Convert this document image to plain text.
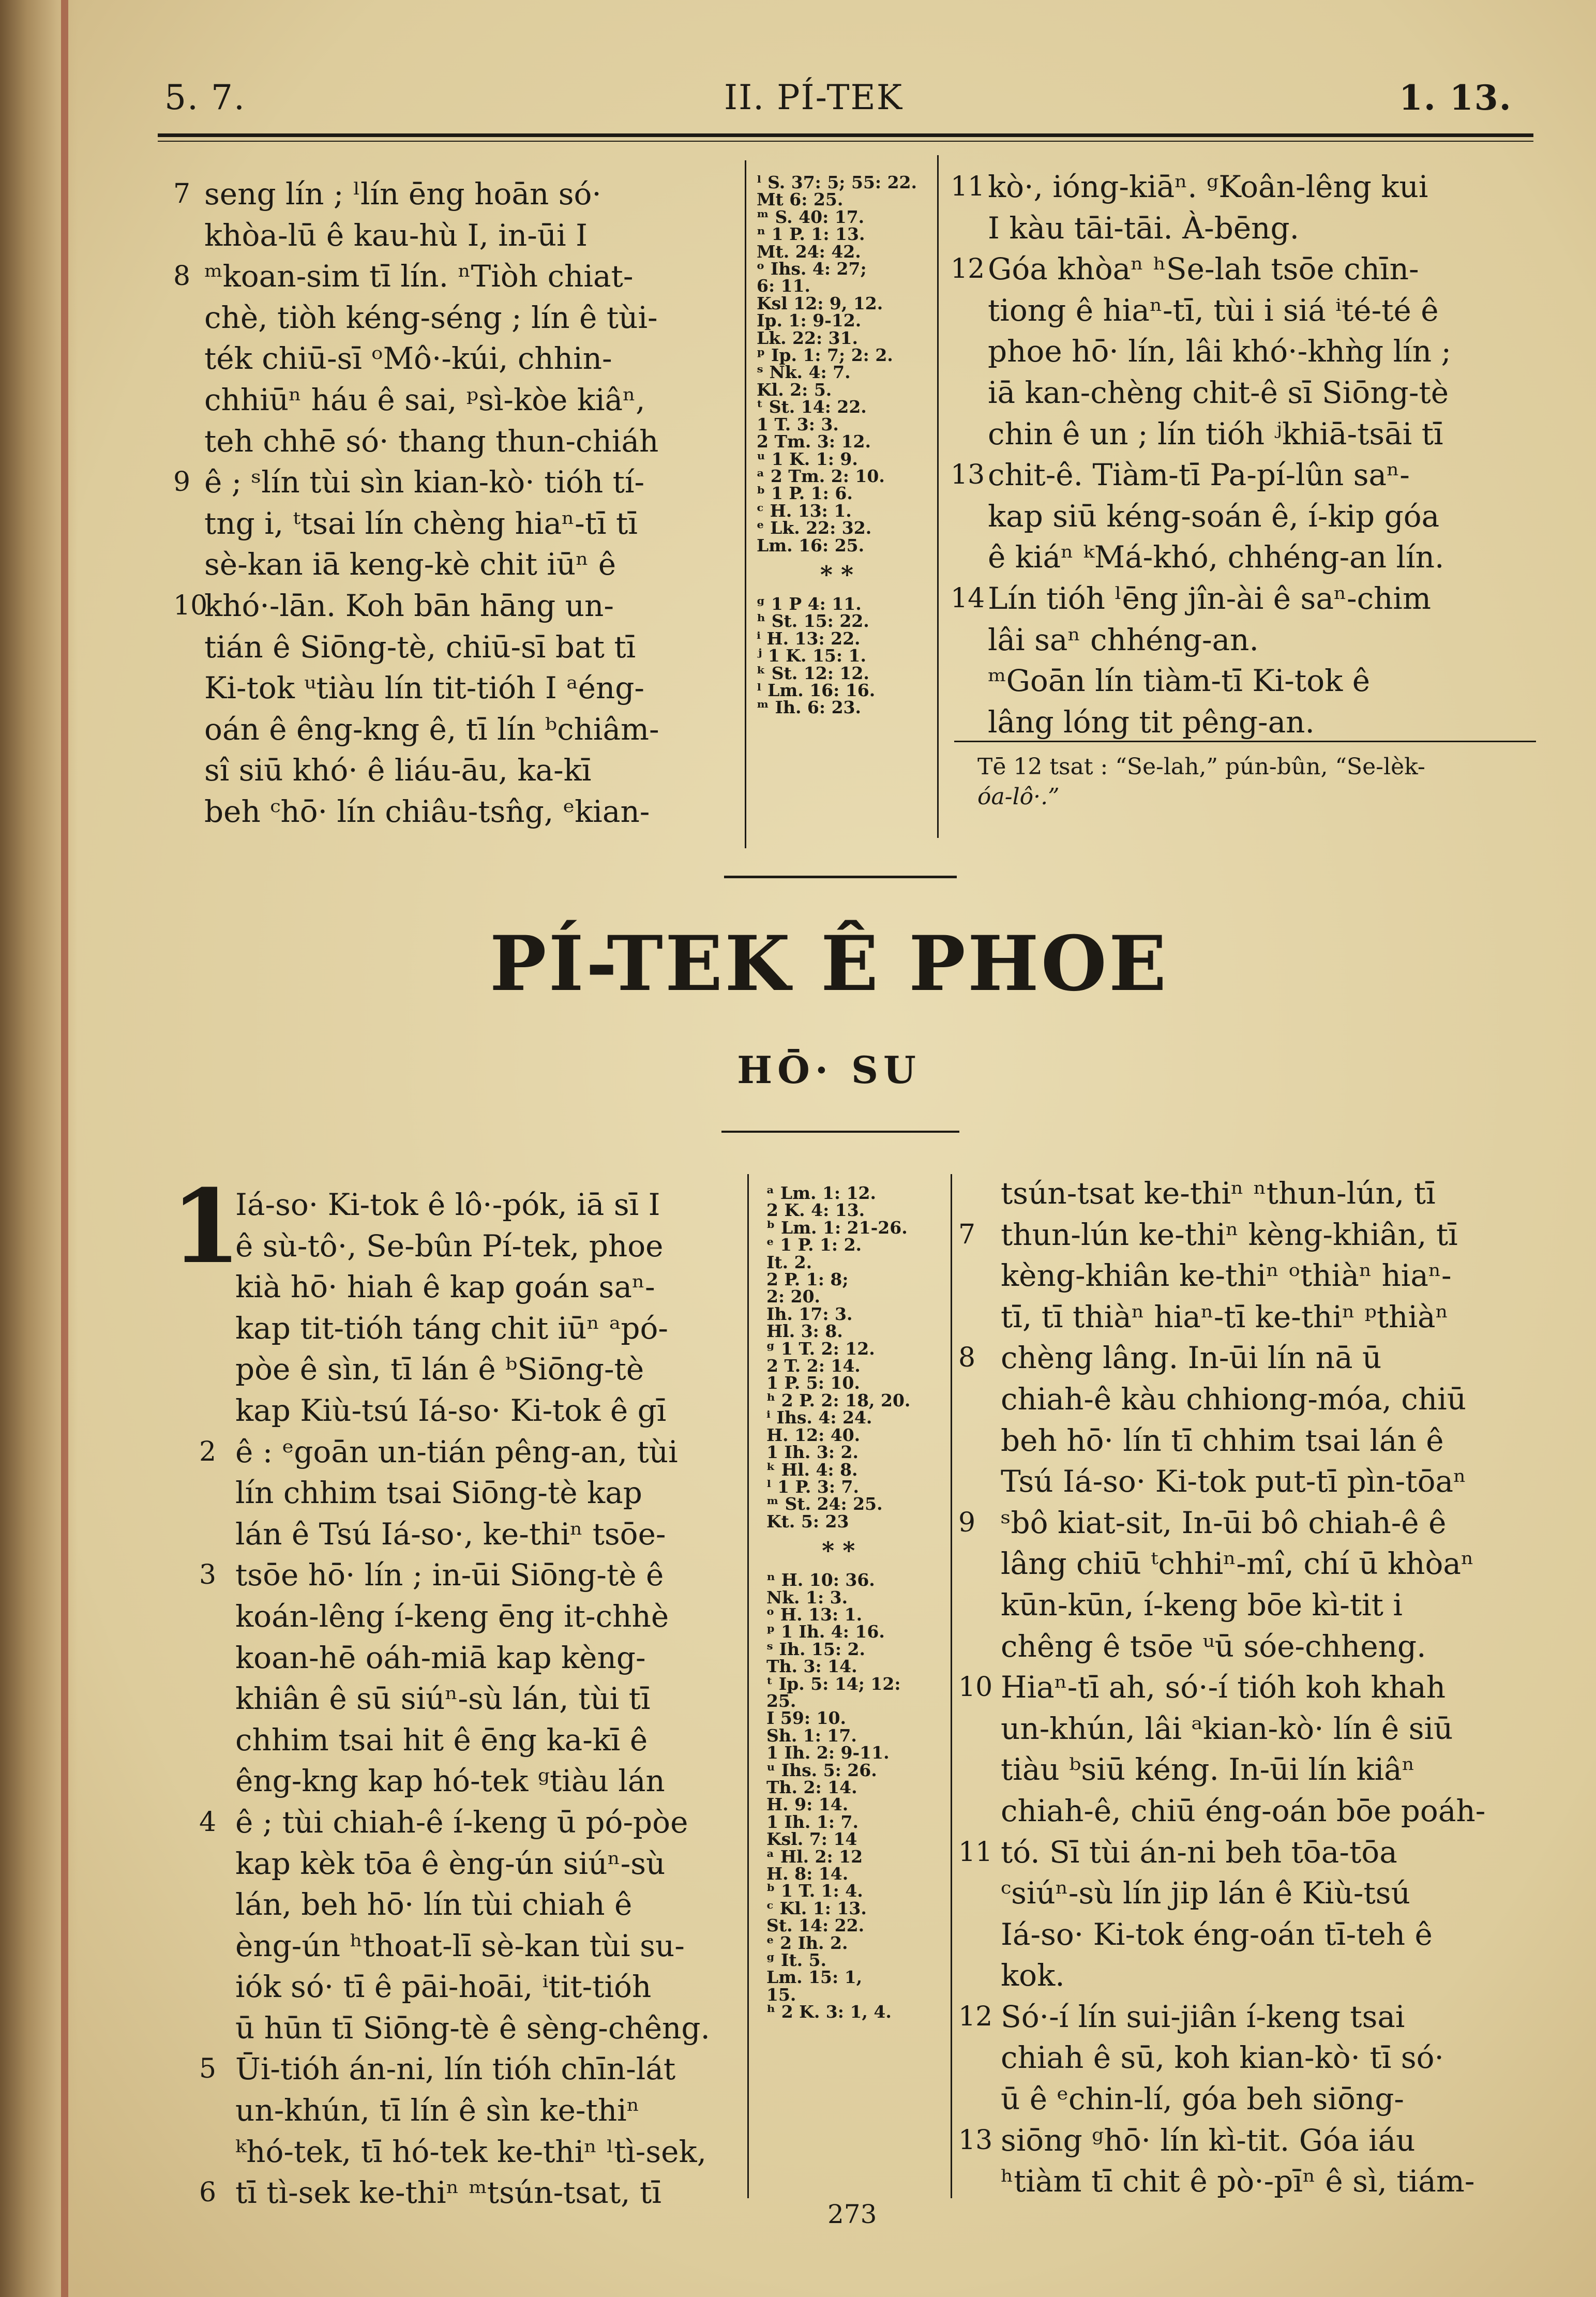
5. 7.	II. PÍ-TEK	1. 13.
7 seng lín ; ˡlín ēng hoān só·
khòa-lū ê kau-hù I, in-ūi I
8 ᵐkoan-sim tī lín. ⁿTiòh chiat-
chè, tiòh kéng-séng ; lín ê tùi-
ték chiū-sī ᵒMô·-kúi, chhin-
chhiūⁿ háu ê sai, ᵖsì-kòe kiâⁿ,
teh chhē só· thang thun-chiáh
9 ê ; ˢlín tùi sìn kian-kò· tióh tí-
tng i, ᵗtsai lín chèng hiaⁿ-tī tī
sè-kan iā keng-kè chit iūⁿ ê
10
khó·-lān. Koh bān hāng un-
tián ê Siōng-tè, chiū-sī bat tī
Ki-tok ᵘtiàu lín tit-tióh I ᵃéng-
oán ê êng-kng ê, tī lín ᵇchiâm-
sî siū khó· ê liáu-āu, ka-kī
beh ᶜhō· lín chiâu-tsn̂g, ᵉkian-
ˡ S. 37: 5; 55: 22.
Mt 6: 25.
ᵐ S. 40: 17.
ⁿ 1 P. 1: 13.
Mt. 24: 42.
ᵒ Ihs. 4: 27;
6: 11.
Ksl 12: 9, 12.
Ip. 1: 9-12.
Lk. 22: 31.
ᵖ Ip. 1: 7; 2: 2.
ˢ Nk. 4: 7.
Kl. 2: 5.
ᵗ St. 14: 22.
1 T. 3: 3.
2 Tm. 3: 12.
ᵘ 1 K. 1: 9.
ᵃ 2 Tm. 2: 10.
ᵇ 1 P. 1: 6.
ᶜ H. 13: 1.
ᵉ Lk. 22: 32.
Lm. 16: 25.
* *
ᵍ 1 P 4: 11.
ʰ St. 15: 22.
ⁱ H. 13: 22.
ʲ 1 K. 15: 1.
ᵏ St. 12: 12.
ˡ Lm. 16: 16.
ᵐ Ih. 6: 23.
11 kò·, ióng-kiāⁿ. ᵍKoân-lêng kui
I kàu tāi-tāi. À-bēng.
12 Góa khòaⁿ ʰSe-lah tsōe chīn-
tiong ê hiaⁿ-tī, tùi i siá ⁱté-té ê
phoe hō· lín, lâi khó·-khǹg lín ;
iā kan-chèng chit-ê sī Siōng-tè
chin ê un ; lín tióh ʲkhiā-tsāi tī
13 chit-ê. Tiàm-tī Pa-pí-lûn saⁿ-
kap siū kéng-soán ê, í-kip góa
ê kiáⁿ ᵏMá-khó, chhéng-an lín.
14 Lín tióh ˡēng jîn-ài ê saⁿ-chim
lâi saⁿ chhéng-an.
ᵐGoān lín tiàm-tī Ki-tok ê
lâng lóng tit pêng-an.
Tē 12 tsat : “Se-lah,” pún-bûn, “Se-lèk-
óa-lô·.”
PÍ-TEK Ê PHOE
HŌ· SU
1
Iá-so· Ki-tok ê lô·-pók, iā sī I
ê sù-tô·, Se-bûn Pí-tek, phoe
kià hō· hiah ê kap goán saⁿ-
kap tit-tióh táng chit iūⁿ ᵃpó-
pòe ê sìn, tī lán ê ᵇSiōng-tè
kap Kiù-tsú Iá-so· Ki-tok ê gī
2 ê : ᵉgoān un-tián pêng-an, tùi
lín chhim tsai Siōng-tè kap
lán ê Tsú Iá-so·, ke-thiⁿ tsōe-
3 tsōe hō· lín ; in-ūi Siōng-tè ê
koán-lêng í-keng ēng it-chhè
koan-hē oáh-miā kap kèng-
khiân ê sū siúⁿ-sù lán, tùi tī
chhim tsai hit ê ēng ka-kī ê
êng-kng kap hó-tek ᵍtiàu lán
4 ê ; tùi chiah-ê í-keng ū pó-pòe
kap kèk tōa ê èng-ún siúⁿ-sù
lán, beh hō· lín tùi chiah ê
èng-ún ʰthoat-lī sè-kan tùi su-
iók só· tī ê pāi-hoāi, ⁱtit-tióh
ū hūn tī Siōng-tè ê sèng-chêng.
5 Ūi-tióh án-ni, lín tióh chīn-lát
un-khún, tī lín ê sìn ke-thiⁿ
ᵏhó-tek, tī hó-tek ke-thiⁿ ˡtì-sek,
6 tī tì-sek ke-thiⁿ ᵐtsún-tsat, tī
ᵃ Lm. 1: 12.
2 K. 4: 13.
ᵇ Lm. 1: 21-26.
ᵉ 1 P. 1: 2.
It. 2.
2 P. 1: 8;
2: 20.
Ih. 17: 3.
Hl. 3: 8.
ᵍ 1 T. 2: 12.
2 T. 2: 14.
1 P. 5: 10.
ʰ 2 P. 2: 18, 20.
ⁱ Ihs. 4: 24.
H. 12: 40.
1 Ih. 3: 2.
ᵏ Hl. 4: 8.
ˡ 1 P. 3: 7.
ᵐ St. 24: 25.
Kt. 5: 23
* *
ⁿ H. 10: 36.
Nk. 1: 3.
ᵒ H. 13: 1.
ᵖ 1 Ih. 4: 16.
ˢ Ih. 15: 2.
Th. 3: 14.
ᵗ Ip. 5: 14; 12:
25.
I 59: 10.
Sh. 1: 17.
1 Ih. 2: 9-11.
ᵘ Ihs. 5: 26.
Th. 2: 14.
H. 9: 14.
1 Ih. 1: 7.
Ksl. 7: 14
ᵃ Hl. 2: 12
H. 8: 14.
ᵇ 1 T. 1: 4.
ᶜ Kl. 1: 13.
St. 14: 22.
ᵉ 2 Ih. 2.
ᵍ It. 5.
Lm. 15: 1,
15.
ʰ 2 K. 3: 1, 4.
tsún-tsat ke-thiⁿ ⁿthun-lún, tī
7 thun-lún ke-thiⁿ kèng-khiân, tī
kèng-khiân ke-thiⁿ ᵒthiàⁿ hiaⁿ-
tī, tī thiàⁿ hiaⁿ-tī ke-thiⁿ ᵖthiàⁿ
8 chèng lâng. In-ūi lín nā ū
chiah-ê kàu chhiong-móa, chiū
beh hō· lín tī chhim tsai lán ê
Tsú Iá-so· Ki-tok put-tī pìn-tōaⁿ
9 ˢbô kiat-sit, In-ūi bô chiah-ê ê
lâng chiū ᵗchhiⁿ-mî, chí ū khòaⁿ
kūn-kūn, í-keng bōe kì-tit i
chêng ê tsōe ᵘū sóe-chheng.
10 Hiaⁿ-tī ah, só·-í tióh koh khah
un-khún, lâi ᵃkian-kò· lín ê siū
tiàu ᵇsiū kéng. In-ūi lín kiâⁿ
chiah-ê, chiū éng-oán bōe poáh-
11 tó. Sī tùi án-ni beh tōa-tōa
ᶜsiúⁿ-sù lín jip lán ê Kiù-tsú
Iá-so· Ki-tok éng-oán tī-teh ê
kok.
12 Só·-í lín sui-jiân í-keng tsai
chiah ê sū, koh kian-kò· tī só·
ū ê ᵉchin-lí, góa beh siōng-
13 siōng ᵍhō· lín kì-tit. Góa iáu
ʰtiàm tī chit ê pò·-pīⁿ ê sì, tiám-
273
